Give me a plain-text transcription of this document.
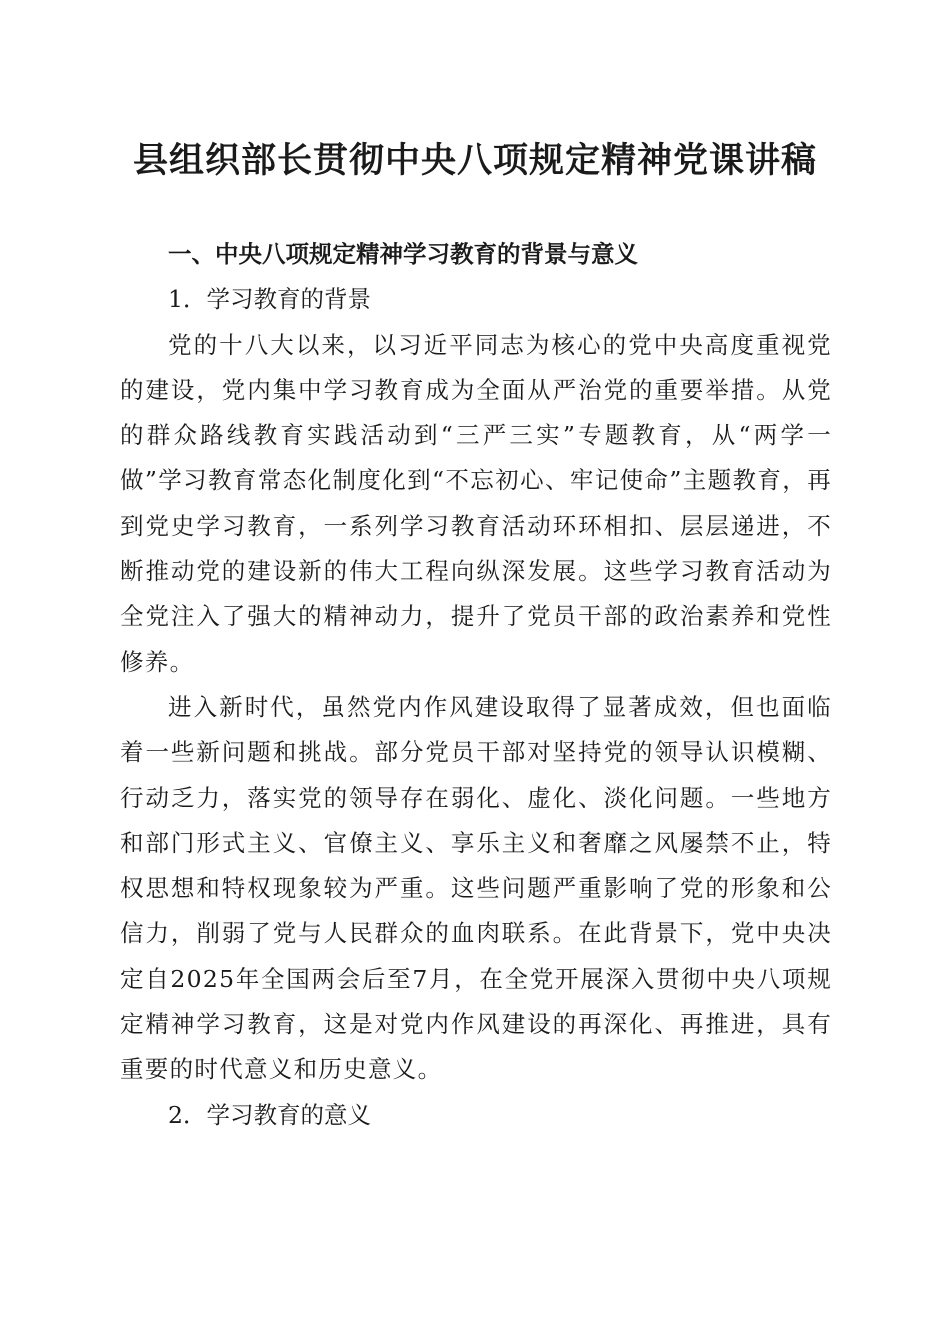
县组织部长贯彻中央八项规定精神党课讲稿

一、中央八项规定精神学习教育的背景与意义

1．学习教育的背景

党的十八大以来，以习近平同志为核心的党中央高度重视党的建设，党内集中学习教育成为全面从严治党的重要举措。从党的群众路线教育实践活动到“三严三实”专题教育，从“两学一做”学习教育常态化制度化到“不忘初心、牢记使命”主题教育，再到党史学习教育，一系列学习教育活动环环相扣、层层递进，不断推动党的建设新的伟大工程向纵深发展。这些学习教育活动为全党注入了强大的精神动力，提升了党员干部的政治素养和党性修养。

进入新时代，虽然党内作风建设取得了显著成效，但也面临着一些新问题和挑战。部分党员干部对坚持党的领导认识模糊、行动乏力，落实党的领导存在弱化、虚化、淡化问题。一些地方和部门形式主义、官僚主义、享乐主义和奢靡之风屡禁不止，特权思想和特权现象较为严重。这些问题严重影响了党的形象和公信力，削弱了党与人民群众的血肉联系。在此背景下，党中央决定自2025年全国两会后至7月，在全党开展深入贯彻中央八项规定精神学习教育，这是对党内作风建设的再深化、再推进，具有重要的时代意义和历史意义。

2．学习教育的意义
